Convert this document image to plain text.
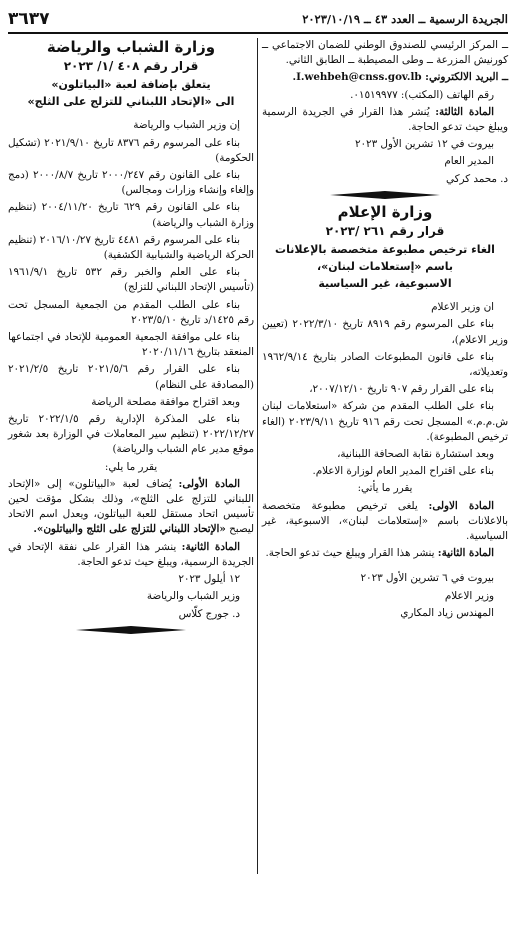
الجريدة الرسمية ــ العدد ٤٣ ــ ٢٠٢٣/١٠/١٩
٣٦٣٧

ــ المركز الرئيسي للصندوق الوطني للضمان الاجتماعي ــ كورنيش المزرعة ــ وطى المصيطبة ــ الطابق الثاني.

ــ البريد الالكتروني: I.wehbeh@cnss.gov.lb.

رقم الهاتف (المكتب): ٠١٥١٩٩٧٧.

المادة الثالثة: يُنشر هذا القرار في الجريدة الرسمية ويبلغ حيث تدعو الحاجة.

بيروت في ١٢ تشرين الأول ٢٠٢٣

المدير العام

د. محمد كركي

وزارة الإعلام
قرار رقم ٢٦١ /٢٠٢٣
الغاء ترخيص مطبوعة متخصصة بالإعلانات
باسم «إستعلامات لبنان»،
الاسبوعية، غير السياسية

ان وزير الاعلام

بناء على المرسوم رقم ٨٩١٩ تاريخ ٢٠٢٢/٣/١٠ (تعيين وزير الاعلام)،

بناء على قانون المطبوعات الصادر بتاريخ ١٩٦٢/٩/١٤ وتعديلاته،

بناء على القرار رقم ٩٠٧ تاريخ ٢٠٠٧/١٢/١٠،

بناء على الطلب المقدم من شركة «استعلامات لبنان ش.م.م.» المسجل تحت رقم ٩١٦ تاريخ ٢٠٢٣/٩/١١ (الغاء ترخيص المطبوعة).

وبعد استشارة نقابة الصحافة اللبنانية،

بناء على اقتراح المدير العام لوزارة الاعلام.

يقرر ما يأتي:

المادة الاولى: يلغى ترخيص مطبوعة متخصصة بالاعلانات باسم «إستعلامات لبنان»، الاسبوعية، غير السياسية.

المادة الثانية: ينشر هذا القرار ويبلغ حيث تدعو الحاجة.

بيروت في ٦ تشرين الأول ٢٠٢٣

وزير الاعلام

المهندس زياد المكاري

وزارة الشباب والرياضة
قرار رقم ٤٠٨ /١/ ٢٠٢٣
يتعلق بإضافة لعبة «البياتلون»
الى «الإتحاد اللبناني للتزلج على الثلج»

إن وزير الشباب والرياضة

بناء على المرسوم رقم ٨٣٧٦ تاريخ ٢٠٢١/٩/١٠ (تشكيل الحكومة)

بناء على القانون رقم ٢٠٠٠/٢٤٧ تاريخ ٢٠٠٠/٨/٧ (دمج وإلغاء وإنشاء وزارات ومجالس)

بناء على القانون رقم ٦٢٩ تاريخ ٢٠٠٤/١١/٢٠ (تنظيم وزارة الشباب والرياضة)

بناء على المرسوم رقم ٤٤٨١ تاريخ ٢٠١٦/١٠/٢٧ (تنظيم الحركة الرياضية والشبابية الكشفية)

بناء على العلم والخبر رقم ٥٣٢ تاريخ ١٩٦١/٩/١ (تأسيس الإتحاد اللبناني للتزلج)

بناء على الطلب المقدم من الجمعية المسجل تحت رقم ١٤٢٥/د تاريخ ٢٠٢٣/٥/١٠

بناء على موافقة الجمعية العمومية للإتحاد في اجتماعها المنعقد بتاريخ ٢٠٢٠/١١/١٦

بناء على القرار رقم ٢٠٢١/٥/٦ تاريخ ٢٠٢١/٢/٥ (المصادقة على النظام)

وبعد اقتراح موافقة مصلحة الرياضة

بناء على المذكرة الإدارية رقم ٢٠٢٢/١/٥ تاريخ ٢٠٢٢/١٢/٢٧ (تنظيم سير المعاملات في الوزارة بعد شغور موقع مدير عام الشباب والرياضة)

يقرر ما يلي:

المادة الأولى: يُضاف لعبة «البياتلون» إلى «الإتحاد اللبناني للتزلج على الثلج»، وذلك بشكل مؤقت لحين تأسيس اتحاد مستقل للعبة البياتلون، ويعدل اسم الاتحاد ليصبح «الإتحاد اللبناني للتزلج على الثلج والبياتلون».

المادة الثانية: ينشر هذا القرار على نفقة الإتحاد في الجريدة الرسمية، ويبلغ حيث تدعو الحاجة.

١٢ أيلول ٢٠٢٣

وزير الشباب والرياضة

د. جورج كلّاس
